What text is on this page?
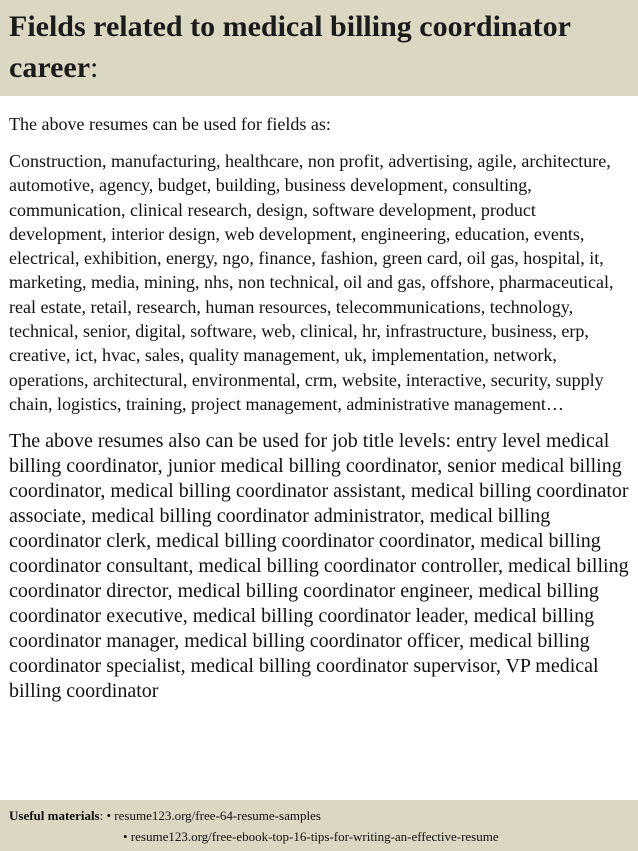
Fields related to medical billing coordinator career:

The above resumes can be used for fields as:

Construction, manufacturing, healthcare, non profit, advertising, agile, architecture, automotive, agency, budget, building, business development, consulting, communication, clinical research, design, software development, product development, interior design, web development, engineering, education, events, electrical, exhibition, energy, ngo, finance, fashion, green card, oil gas, hospital, it, marketing, media, mining, nhs, non technical, oil and gas, offshore, pharmaceutical, real estate, retail, research, human resources, telecommunications, technology, technical, senior, digital, software, web, clinical, hr, infrastructure, business, erp, creative, ict, hvac, sales, quality management, uk, implementation, network, operations, architectural, environmental, crm, website, interactive, security, supply chain, logistics, training, project management, administrative management…

The above resumes also can be used for job title levels: entry level medical billing coordinator, junior medical billing coordinator, senior medical billing coordinator, medical billing coordinator assistant, medical billing coordinator associate, medical billing coordinator administrator, medical billing coordinator clerk, medical billing coordinator coordinator, medical billing coordinator consultant, medical billing coordinator controller, medical billing coordinator director, medical billing coordinator engineer, medical billing coordinator executive, medical billing coordinator leader, medical billing coordinator manager, medical billing coordinator officer, medical billing coordinator specialist, medical billing coordinator supervisor, VP medical billing coordinator

Useful materials: • resume123.org/free-64-resume-samples
• resume123.org/free-ebook-top-16-tips-for-writing-an-effective-resume
